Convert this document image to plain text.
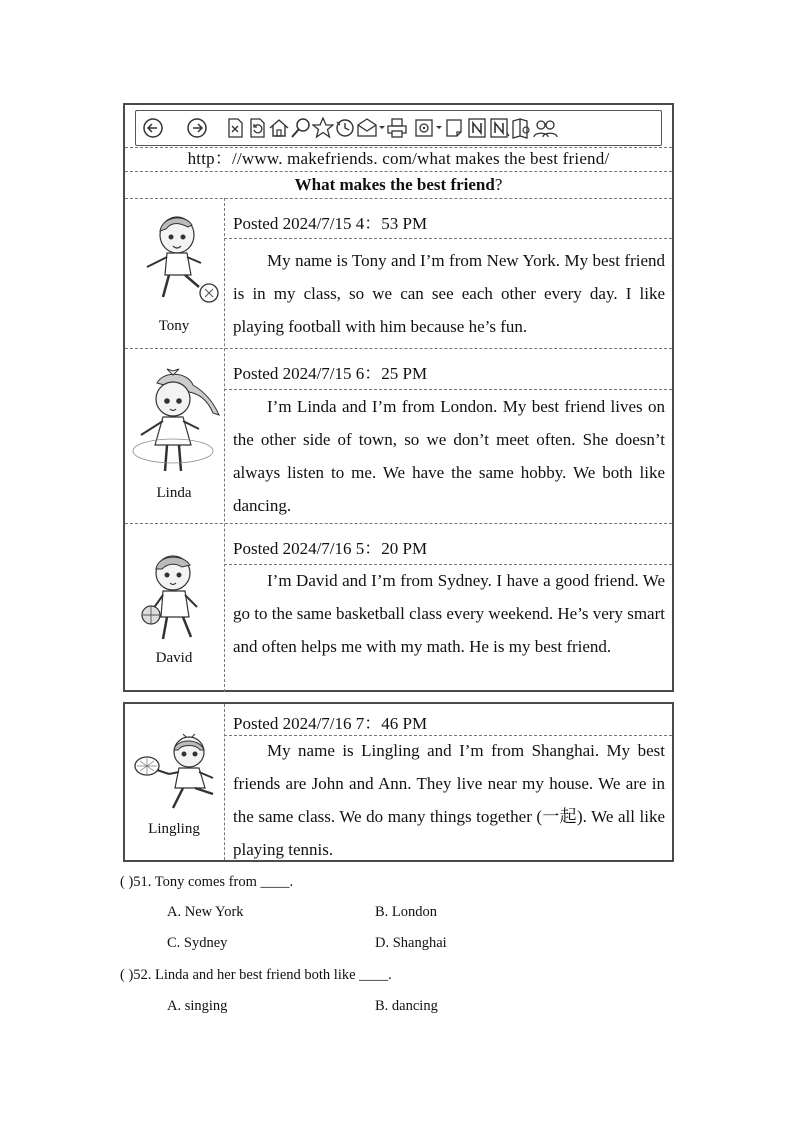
http：//www. makefriends. com/what makes the best friend/
What makes the best friend?
Tony
Posted 2024/7/15 4：53 PM
My name is Tony and I’m from New York. My best friend is in my class, so we can see each other every day. I like playing football with him because he’s fun.
Linda
Posted 2024/7/15 6：25 PM
I’m Linda and I’m from London. My best friend lives on the other side of town, so we don’t meet often. She doesn’t always listen to me. We have the same hobby. We both like dancing.
David
Posted 2024/7/16 5：20 PM
I’m David and I’m from Sydney. I have a good friend. We go to the same basketball class every weekend. He’s very smart and often helps me with my math. He is my best friend.
Lingling
Posted 2024/7/16 7：46 PM
My name is Lingling and I’m from Shanghai. My best friends are John and Ann. They live near my house. We are in the same class. We do many things together (一起). We all like playing tennis.
( )51. Tony comes from ____.
A. New York	B. London
C. Sydney	D. Shanghai
( )52. Linda and her best friend both like ____.
A. singing	B. dancing
